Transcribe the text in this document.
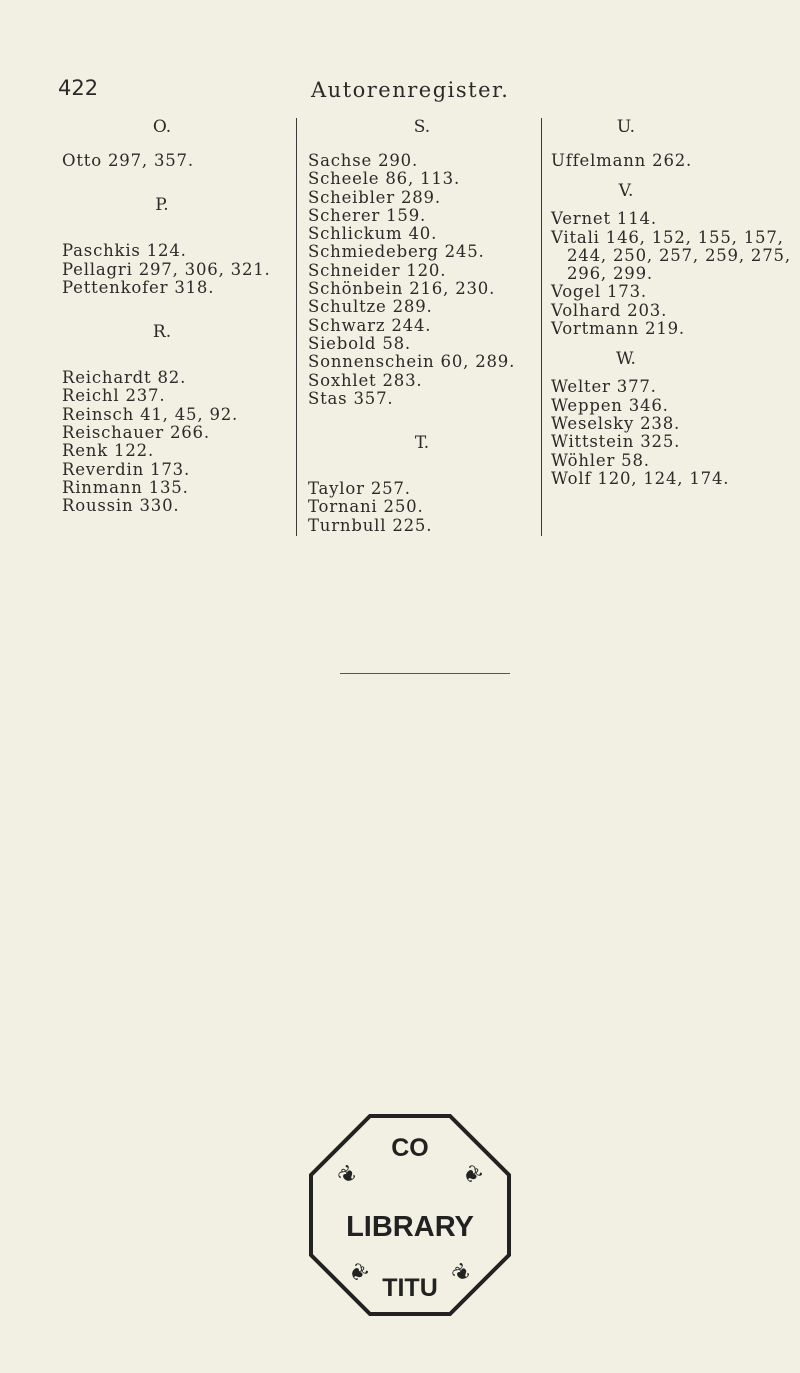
422	Autorenregister.
O.
Otto 297, 357.
P.
Paschkis 124.
Pellagri 297, 306, 321.
Pettenkofer 318.
R.
Reichardt 82.
Reichl 237.
Reinsch 41, 45, 92.
Reischauer 266.
Renk 122.
Reverdin 173.
Rinmann 135.
Roussin 330.
S.
Sachse 290.
Scheele 86, 113.
Scheibler 289.
Scherer 159.
Schlickum 40.
Schmiedeberg 245.
Schneider 120.
Schönbein 216, 230.
Schultze 289.
Schwarz 244.
Siebold 58.
Sonnenschein 60, 289.
Soxhlet 283.
Stas 357.
T.
Taylor 257.
Tornani 250.
Turnbull 225.
U.
Uffelmann 262.
V.
Vernet 114.
Vitali 146, 152, 155, 157,
244, 250, 257, 259, 275,
296, 299.
Vogel 173.
Volhard 203.
Vortmann 219.
W.
Welter 377.
Weppen 346.
Weselsky 238.
Wittstein 325.
Wöhler 58.
Wolf 120, 124, 174.
CO
LIBRARY
TITU
❦	❦
❦	❦
